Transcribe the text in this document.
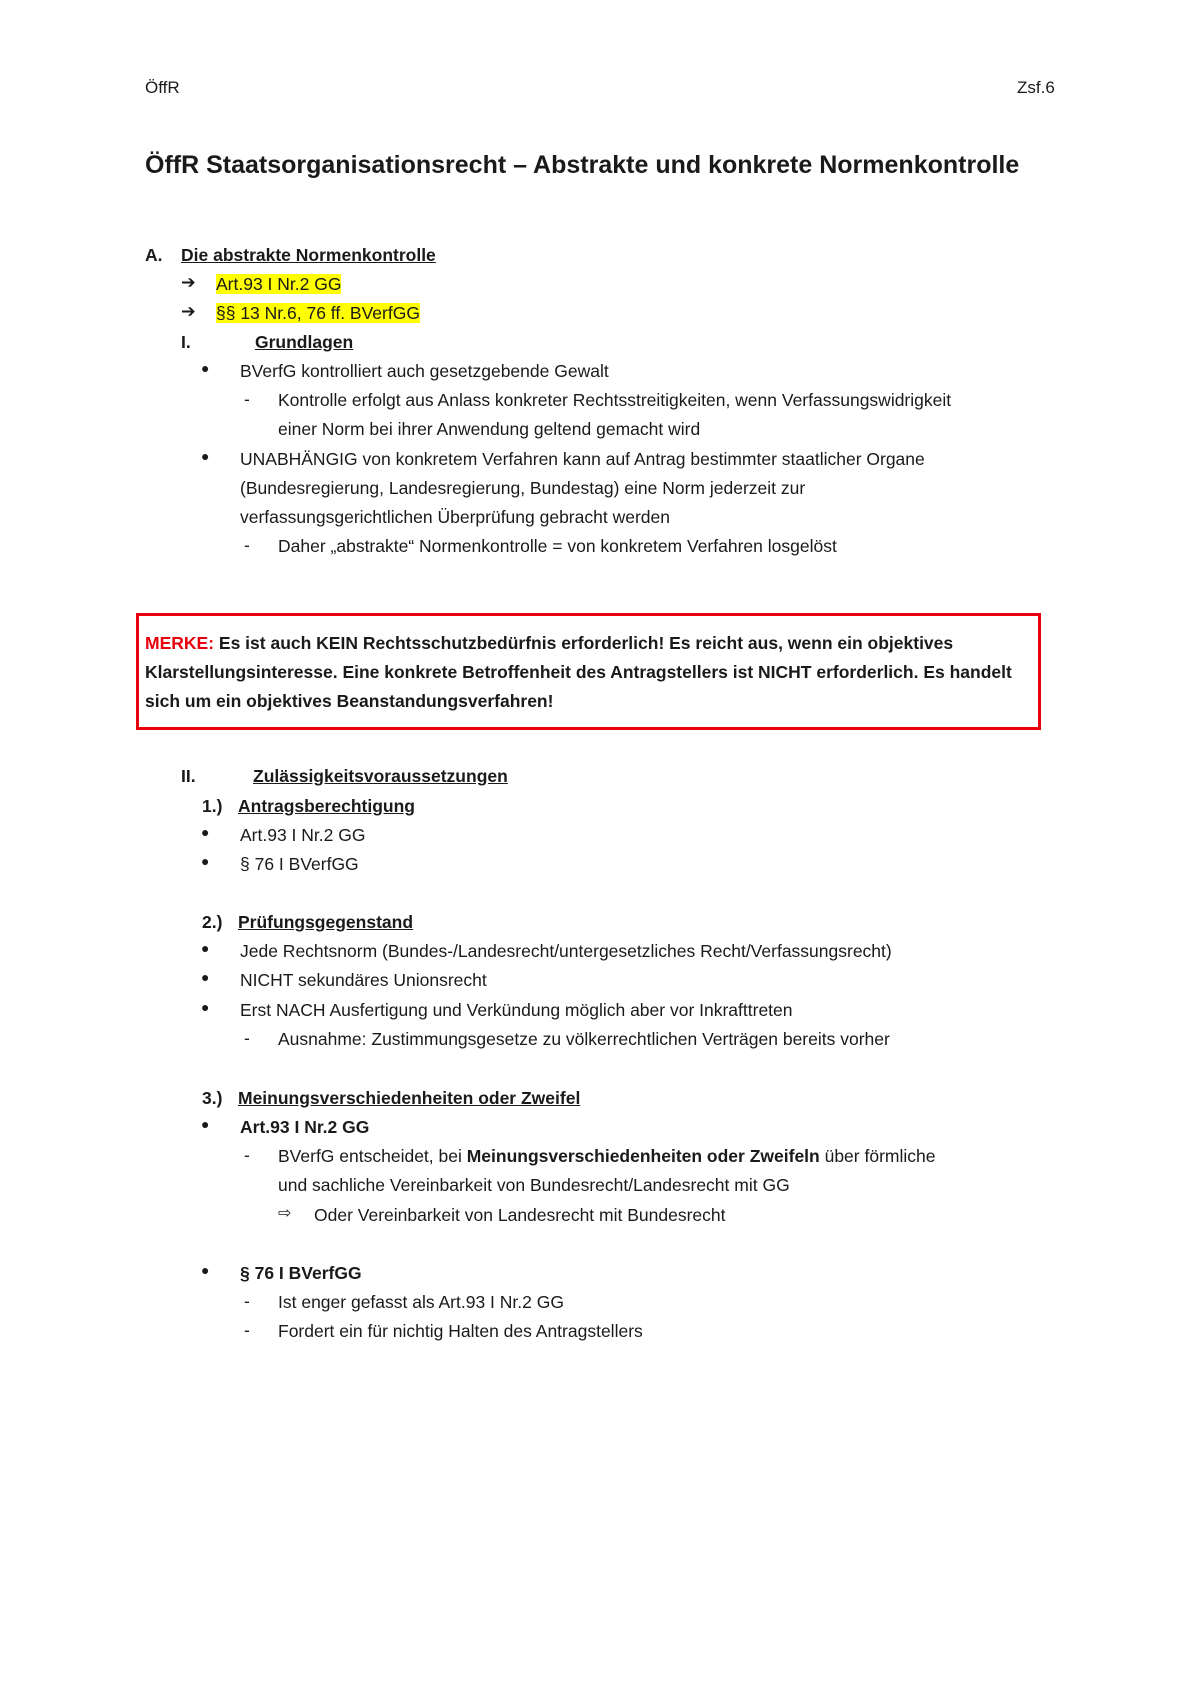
ÖffR	Zsf.6
ÖffR Staatsorganisationsrecht – Abstrakte und konkrete Normenkontrolle
A. Die abstrakte Normenkontrolle
➔ Art.93 I Nr.2 GG
➔ §§ 13 Nr.6, 76 ff. BVerfGG
I.	Grundlagen
● BVerfG kontrolliert auch gesetzgebende Gewalt
- Kontrolle erfolgt aus Anlass konkreter Rechtsstreitigkeiten, wenn Verfassungswidrigkeit
einer Norm bei ihrer Anwendung geltend gemacht wird
● UNABHÄNGIG von konkretem Verfahren kann auf Antrag bestimmter staatlicher Organe
(Bundesregierung, Landesregierung, Bundestag) eine Norm jederzeit zur
verfassungsgerichtlichen Überprüfung gebracht werden
- Daher „abstrakte“ Normenkontrolle = von konkretem Verfahren losgelöst
MERKE: Es ist auch KEIN Rechtsschutzbedürfnis erforderlich! Es reicht aus, wenn ein objektives Klarstellungsinteresse. Eine konkrete Betroffenheit des Antragstellers ist NICHT erforderlich. Es handelt sich um ein objektives Beanstandungsverfahren!
II.	Zulässigkeitsvoraussetzungen
1.) Antragsberechtigung
● Art.93 I Nr.2 GG
● § 76 I BVerfGG
2.) Prüfungsgegenstand
● Jede Rechtsnorm (Bundes-/Landesrecht/untergesetzliches Recht/Verfassungsrecht)
● NICHT sekundäres Unionsrecht
● Erst NACH Ausfertigung und Verkündung möglich aber vor Inkrafttreten
- Ausnahme: Zustimmungsgesetze zu völkerrechtlichen Verträgen bereits vorher
3.) Meinungsverschiedenheiten oder Zweifel
● Art.93 I Nr.2 GG
- BVerfG entscheidet, bei Meinungsverschiedenheiten oder Zweifeln über förmliche
und sachliche Vereinbarkeit von Bundesrecht/Landesrecht mit GG
⇨ Oder Vereinbarkeit von Landesrecht mit Bundesrecht
● § 76 I BVerfGG
- Ist enger gefasst als Art.93 I Nr.2 GG
- Fordert ein für nichtig Halten des Antragstellers
